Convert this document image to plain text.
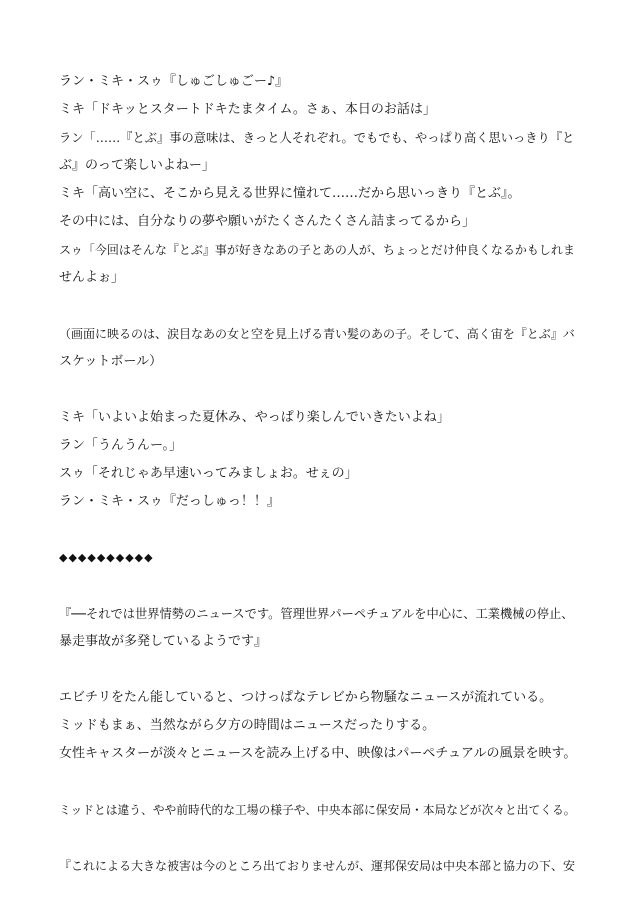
ラン・ミキ・スゥ『しゅごしゅごー♪』
ミキ「ドキッとスタートドキたまタイム。さぁ、本日のお話は」
ラン「……『とぶ』事の意味は、きっと人それぞれ。でもでも、やっぱり高く思いっきり『と
ぶ』のって楽しいよねー」
ミキ「高い空に、そこから見える世界に憧れて……だから思いっきり『とぶ』。
その中には、自分なりの夢や願いがたくさんたくさん詰まってるから」
スゥ「今回はそんな『とぶ』事が好きなあの子とあの人が、ちょっとだけ仲良くなるかもしれま
せんよぉ」
（画面に映るのは、涙目なあの女と空を見上げる青い髪のあの子。そして、高く宙を『とぶ』バ
スケットボール）
ミキ「いよいよ始まった夏休み、やっぱり楽しんでいきたいよね」
ラン「うんうんー。」
スゥ「それじゃあ早速いってみましょお。せぇの」
ラン・ミキ・スゥ『だっしゅっ！！』
◆◆◆◆◆◆◆◆◆◆
『──それでは世界情勢のニュースです。管理世界パーペチュアルを中心に、工業機械の停止、
暴走事故が多発しているようです』
エビチリをたん能していると、つけっぱなテレビから物騒なニュースが流れている。
ミッドもまぁ、当然ながら夕方の時間はニュースだったりする。
女性キャスターが淡々とニュースを読み上げる中、映像はパーペチュアルの風景を映す。
ミッドとは違う、やや前時代的な工場の様子や、中央本部に保安局・本局などが次々と出てくる。
『これによる大きな被害は今のところ出ておりませんが、運邦保安局は中央本部と協力の下、安
